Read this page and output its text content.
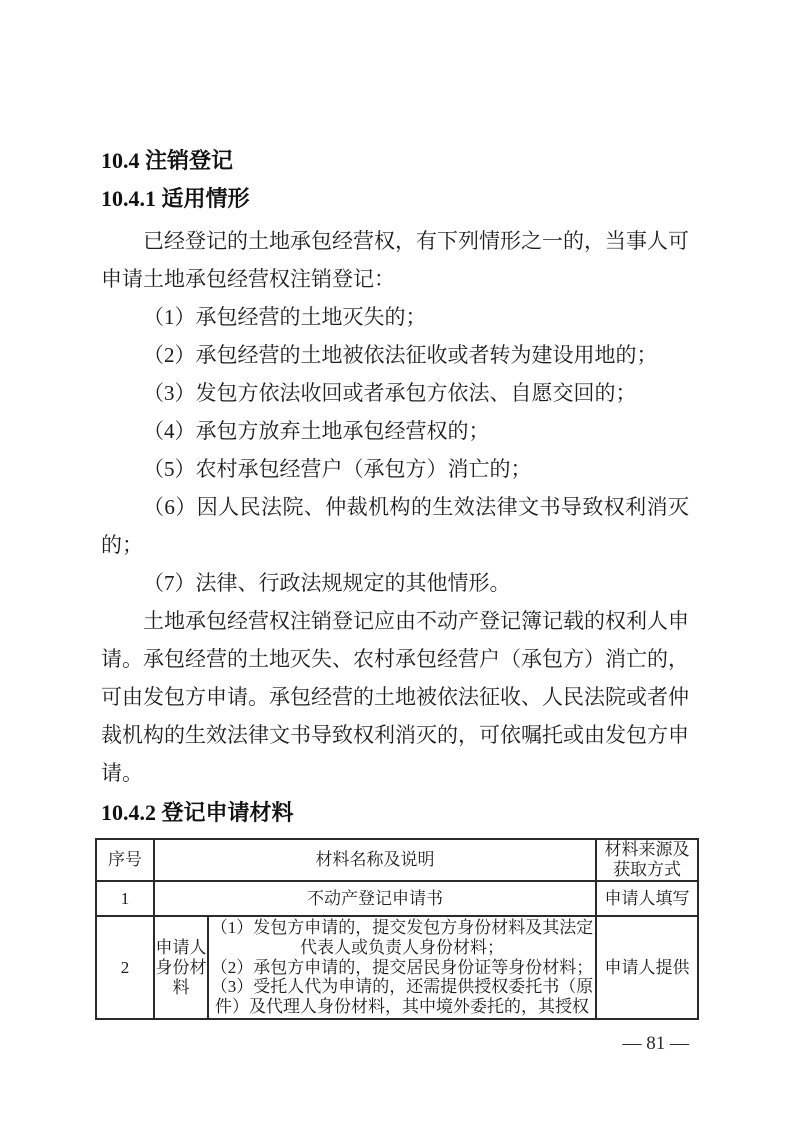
10.4 注销登记
10.4.1 适用情形

已经登记的土地承包经营权，有下列情形之一的，当事人可申请土地承包经营权注销登记：

（1）承包经营的土地灭失的；

（2）承包经营的土地被依法征收或者转为建设用地的；

（3）发包方依法收回或者承包方依法、自愿交回的；

（4）承包方放弃土地承包经营权的；

（5）农村承包经营户（承包方）消亡的；

（6）因人民法院、仲裁机构的生效法律文书导致权利消灭的；

（7）法律、行政法规规定的其他情形。

土地承包经营权注销登记应由不动产登记簿记载的权利人申请。承包经营的土地灭失、农村承包经营户（承包方）消亡的，可由发包方申请。承包经营的土地被依法征收、人民法院或者仲裁机构的生效法律文书导致权利消灭的，可依嘱托或由发包方申请。

10.4.2 登记申请材料
序号	材料名称及说明		材料来源及获取方式
1	不动产登记申请书		申请人填写
2	申请人身份材料	（1）发包方申请的，提交发包方身份材料及其法定
代表人或负责人身份材料；
（2）承包方申请的，提交居民身份证等身份材料；
（3）受托人代为申请的，还需提供授权委托书（原
件）及代理人身份材料，其中境外委托的，其授权	申请人提供
— 81 —
